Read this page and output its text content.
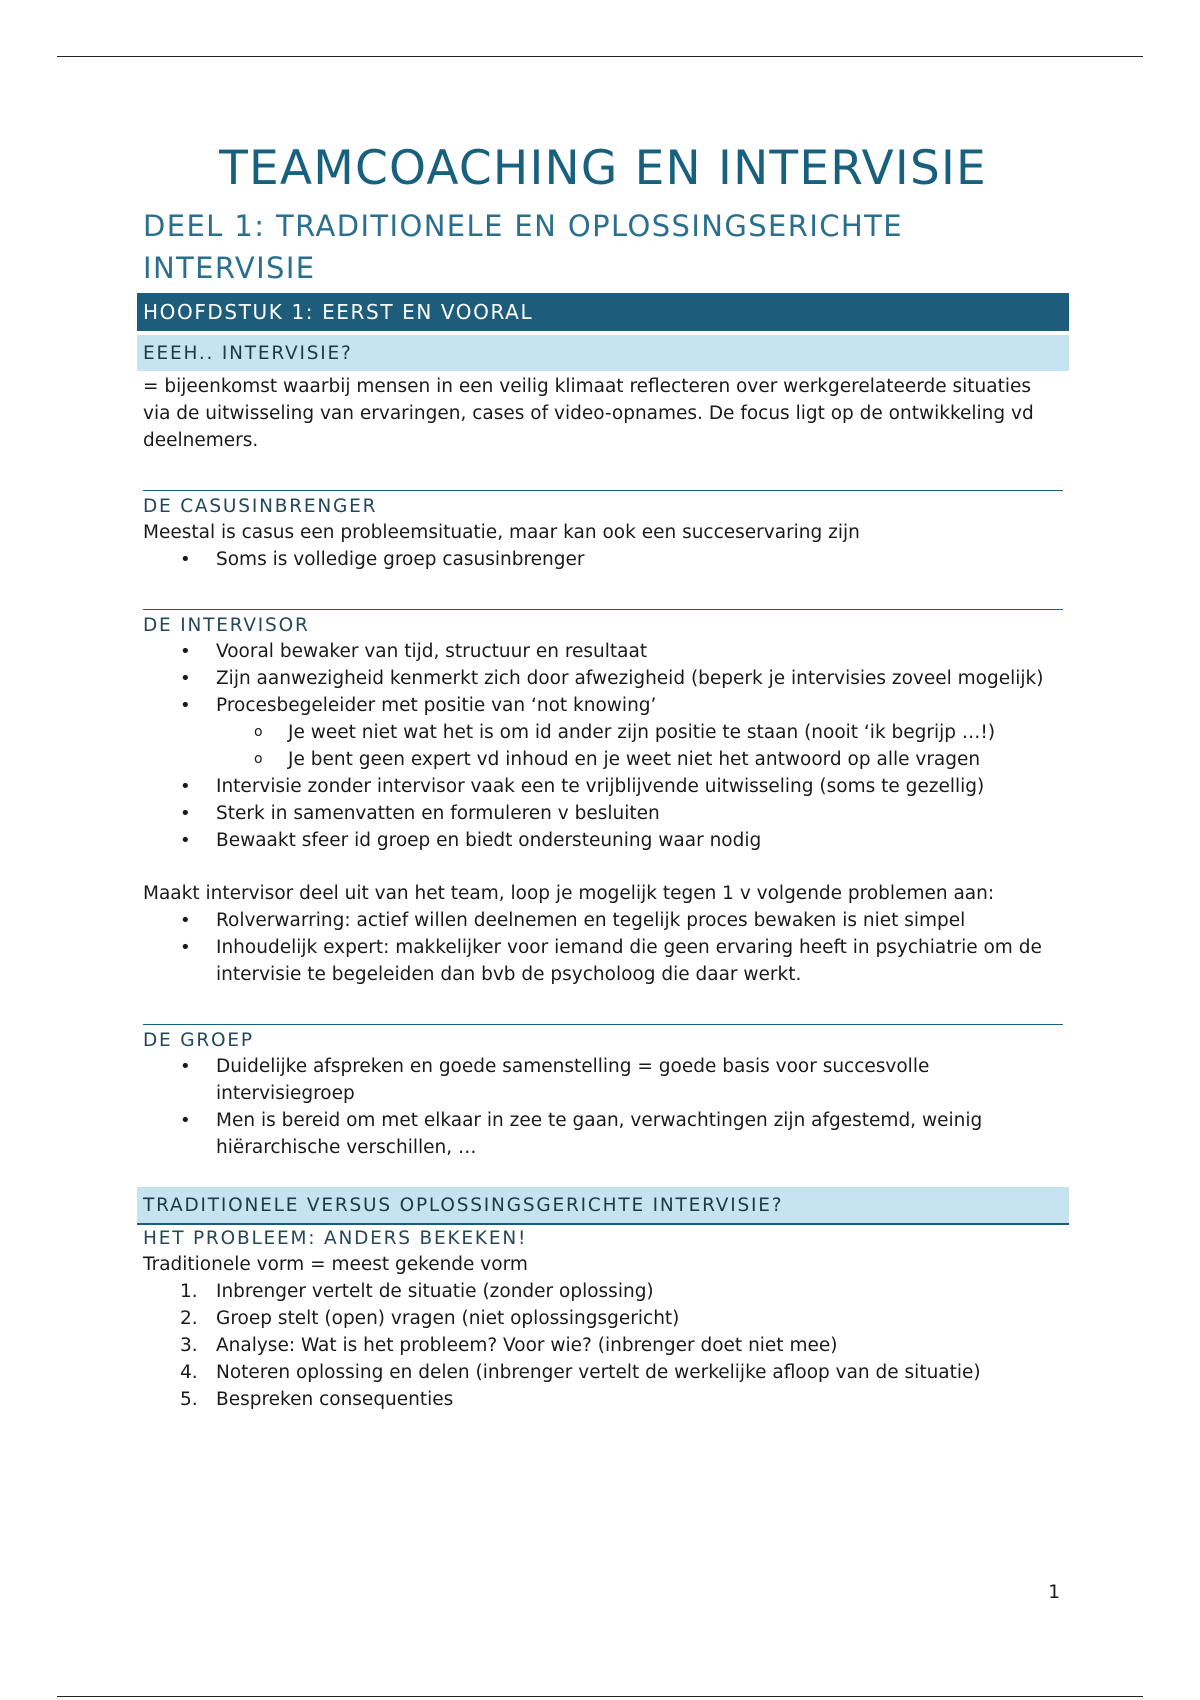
TEAMCOACHING EN INTERVISIE
DEEL 1: TRADITIONELE EN OPLOSSINGSERICHTE INTERVISIE
HOOFDSTUK 1: EERST EN VOORAL
EEEH.. INTERVISIE?

= bijeenkomst waarbij mensen in een veilig klimaat reflecteren over werkgerelateerde situaties via de uitwisseling van ervaringen, cases of video-opnames. De focus ligt op de ontwikkeling vd deelnemers.

DE CASUSINBRENGER

Meestal is casus een probleemsituatie, maar kan ook een succeservaring zijn

• Soms is volledige groep casusinbrenger
DE INTERVISOR
• Vooral bewaker van tijd, structuur en resultaat
• Zijn aanwezigheid kenmerkt zich door afwezigheid (beperk je intervisies zoveel mogelijk)
• Procesbegeleider met positie van ‘not knowing’
o Je weet niet wat het is om id ander zijn positie te staan (nooit ‘ik begrijp …!)
o Je bent geen expert vd inhoud en je weet niet het antwoord op alle vragen
• Intervisie zonder intervisor vaak een te vrijblijvende uitwisseling (soms te gezellig)
• Sterk in samenvatten en formuleren v besluiten
• Bewaakt sfeer id groep en biedt ondersteuning waar nodig

Maakt intervisor deel uit van het team, loop je mogelijk tegen 1 v volgende problemen aan:

• Rolverwarring: actief willen deelnemen en tegelijk proces bewaken is niet simpel
• Inhoudelijk expert: makkelijker voor iemand die geen ervaring heeft in psychiatrie om de intervisie te begeleiden dan bvb de psycholoog die daar werkt.
DE GROEP
• Duidelijke afspreken en goede samenstelling = goede basis voor succesvolle intervisiegroep
• Men is bereid om met elkaar in zee te gaan, verwachtingen zijn afgestemd, weinig hiërarchische verschillen, …
TRADITIONELE VERSUS OPLOSSINGSGERICHTE INTERVISIE?
HET PROBLEEM: ANDERS BEKEKEN!

Traditionele vorm = meest gekende vorm

1. Inbrenger vertelt de situatie (zonder oplossing)
2. Groep stelt (open) vragen (niet oplossingsgericht)
3. Analyse: Wat is het probleem? Voor wie? (inbrenger doet niet mee)
4. Noteren oplossing en delen (inbrenger vertelt de werkelijke afloop van de situatie)
5. Bespreken consequenties
1
